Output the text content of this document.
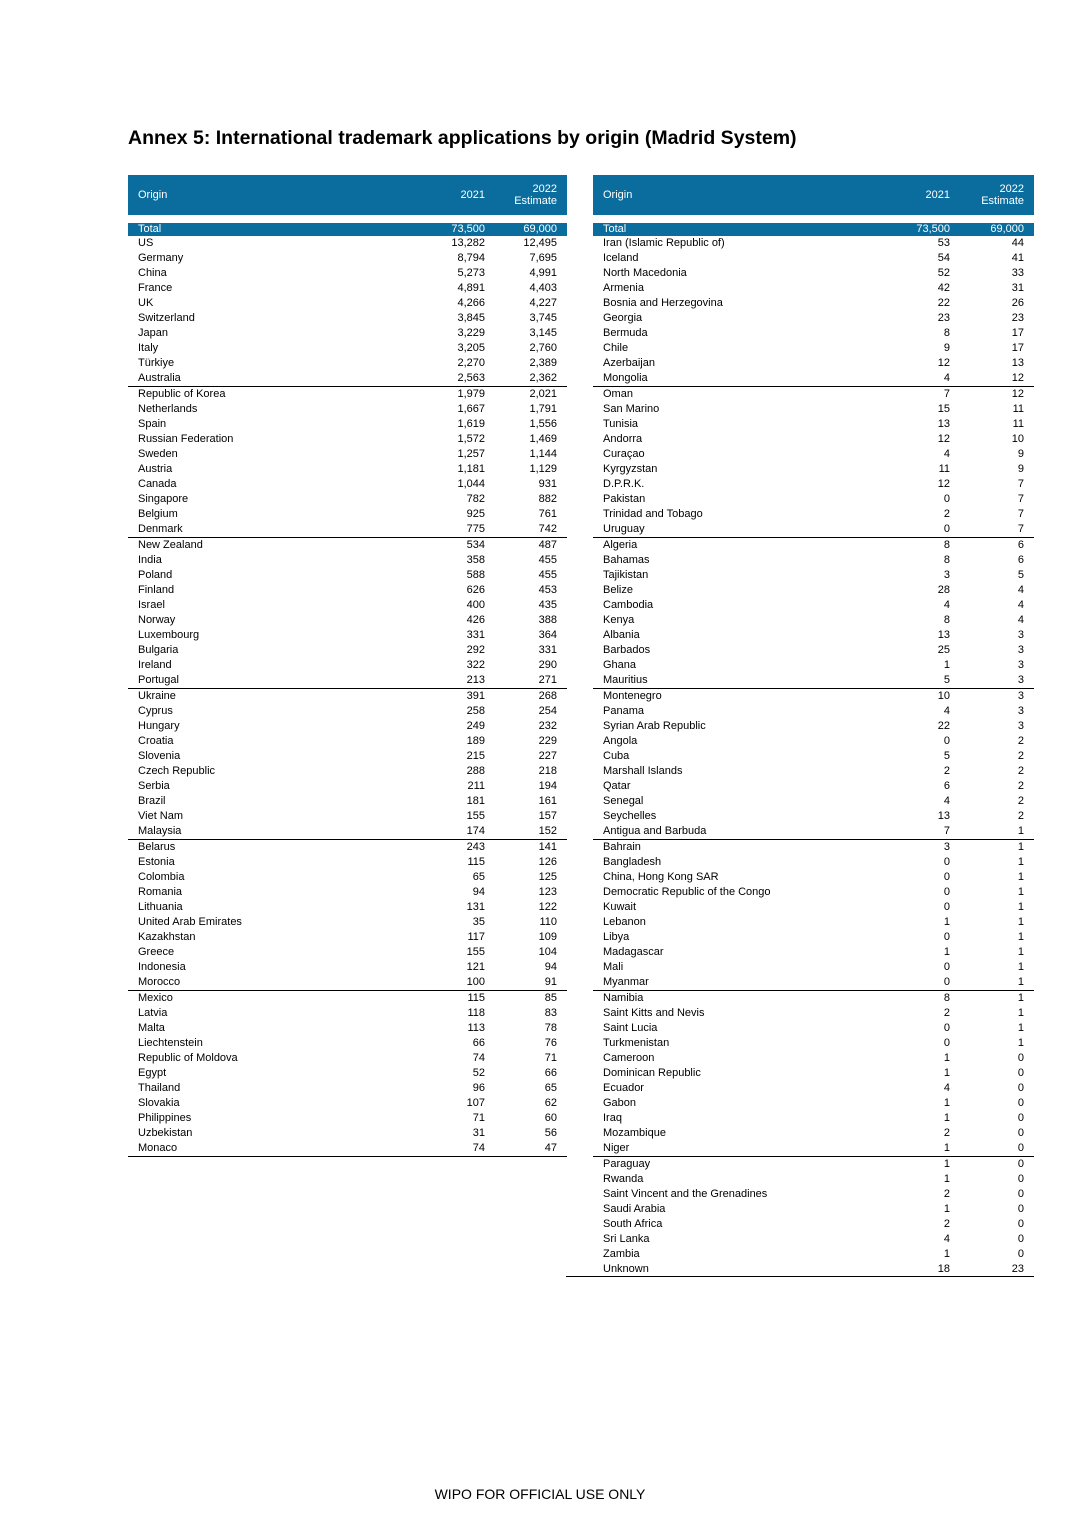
Annex 5: International trademark applications by origin (Madrid System)
Origin	2021	2022
Estimate
Total	73,500	69,000
US	13,282	12,495
Germany	8,794	7,695
China	5,273	4,991
France	4,891	4,403
UK	4,266	4,227
Switzerland	3,845	3,745
Japan	3,229	3,145
Italy	3,205	2,760
Türkiye	2,270	2,389
Australia	2,563	2,362
Republic of Korea	1,979	2,021
Netherlands	1,667	1,791
Spain	1,619	1,556
Russian Federation	1,572	1,469
Sweden	1,257	1,144
Austria	1,181	1,129
Canada	1,044	931
Singapore	782	882
Belgium	925	761
Denmark	775	742
New Zealand	534	487
India	358	455
Poland	588	455
Finland	626	453
Israel	400	435
Norway	426	388
Luxembourg	331	364
Bulgaria	292	331
Ireland	322	290
Portugal	213	271
Ukraine	391	268
Cyprus	258	254
Hungary	249	232
Croatia	189	229
Slovenia	215	227
Czech Republic	288	218
Serbia	211	194
Brazil	181	161
Viet Nam	155	157
Malaysia	174	152
Belarus	243	141
Estonia	115	126
Colombia	65	125
Romania	94	123
Lithuania	131	122
United Arab Emirates	35	110
Kazakhstan	117	109
Greece	155	104
Indonesia	121	94
Morocco	100	91
Mexico	115	85
Latvia	118	83
Malta	113	78
Liechtenstein	66	76
Republic of Moldova	74	71
Egypt	52	66
Thailand	96	65
Slovakia	107	62
Philippines	71	60
Uzbekistan	31	56
Monaco	74	47
Origin	2021	2022
Estimate
Total	73,500	69,000
Iran (Islamic Republic of)	53	44
Iceland	54	41
North Macedonia	52	33
Armenia	42	31
Bosnia and Herzegovina	22	26
Georgia	23	23
Bermuda	8	17
Chile	9	17
Azerbaijan	12	13
Mongolia	4	12
Oman	7	12
San Marino	15	11
Tunisia	13	11
Andorra	12	10
Curaçao	4	9
Kyrgyzstan	11	9
D.P.R.K.	12	7
Pakistan	0	7
Trinidad and Tobago	2	7
Uruguay	0	7
Algeria	8	6
Bahamas	8	6
Tajikistan	3	5
Belize	28	4
Cambodia	4	4
Kenya	8	4
Albania	13	3
Barbados	25	3
Ghana	1	3
Mauritius	5	3
Montenegro	10	3
Panama	4	3
Syrian Arab Republic	22	3
Angola	0	2
Cuba	5	2
Marshall Islands	2	2
Qatar	6	2
Senegal	4	2
Seychelles	13	2
Antigua and Barbuda	7	1
Bahrain	3	1
Bangladesh	0	1
China, Hong Kong SAR	0	1
Democratic Republic of the Congo	0	1
Kuwait	0	1
Lebanon	1	1
Libya	0	1
Madagascar	1	1
Mali	0	1
Myanmar	0	1
Namibia	8	1
Saint Kitts and Nevis	2	1
Saint Lucia	0	1
Turkmenistan	0	1
Cameroon	1	0
Dominican Republic	1	0
Ecuador	4	0
Gabon	1	0
Iraq	1	0
Mozambique	2	0
Niger	1	0
Paraguay	1	0
Rwanda	1	0
Saint Vincent and the Grenadines	2	0
Saudi Arabia	1	0
South Africa	2	0
Sri Lanka	4	0
Zambia	1	0
Unknown	18	23
WIPO FOR OFFICIAL USE ONLY
